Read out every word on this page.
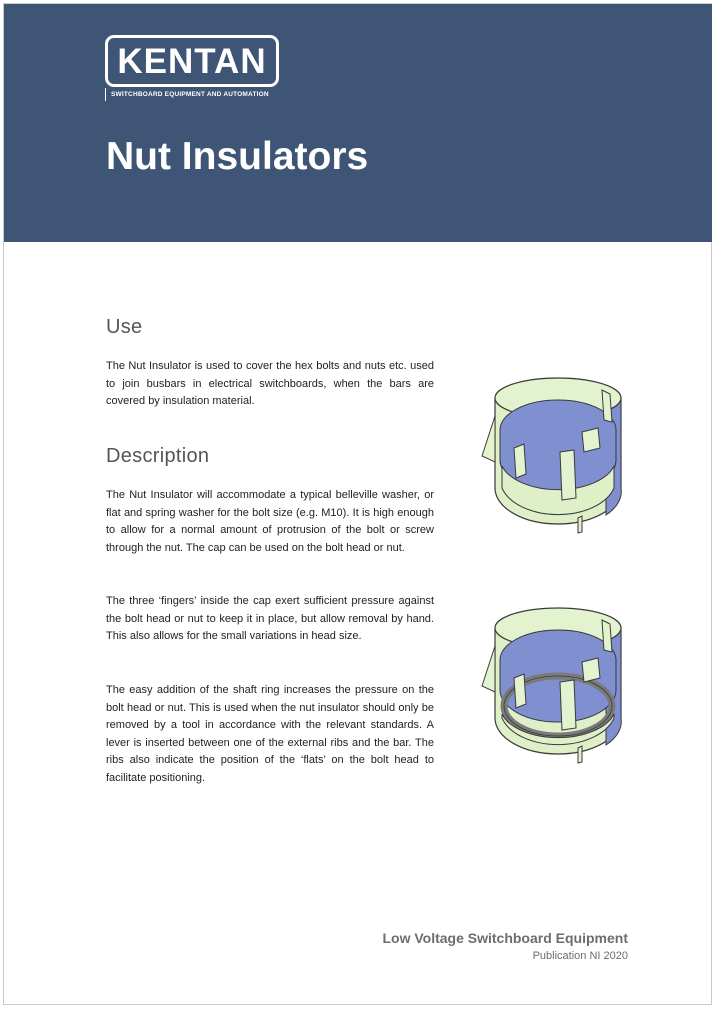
KENTAN
SWITCHBOARD EQUIPMENT AND AUTOMATION
Nut Insulators
Use

The Nut Insulator is used to cover the hex bolts and nuts etc. used to join busbars in electrical switchboards, when the bars are covered by insulation material.

Description

The Nut Insulator will accommodate a typical belleville washer, or flat and spring washer for the bolt size (e.g. M10). It is high enough to allow for a normal amount of protrusion of the bolt or screw through the nut. The cap can be used on the bolt head or nut.

The three ‘fingers’ inside the cap exert sufficient pressure against the bolt head or nut to keep it in place, but allow removal by hand. This also allows for the small variations in head size.

The easy addition of the shaft ring increases the pressure on the bolt head or nut. This is used when the nut insulator should only be removed by a tool in accordance with the relevant standards. A lever is inserted between one of the external ribs and the bar. The ribs also indicate the position of the ‘flats’ on the bolt head to facilitate positioning.

Low Voltage Switchboard Equipment
Publication NI 2020
